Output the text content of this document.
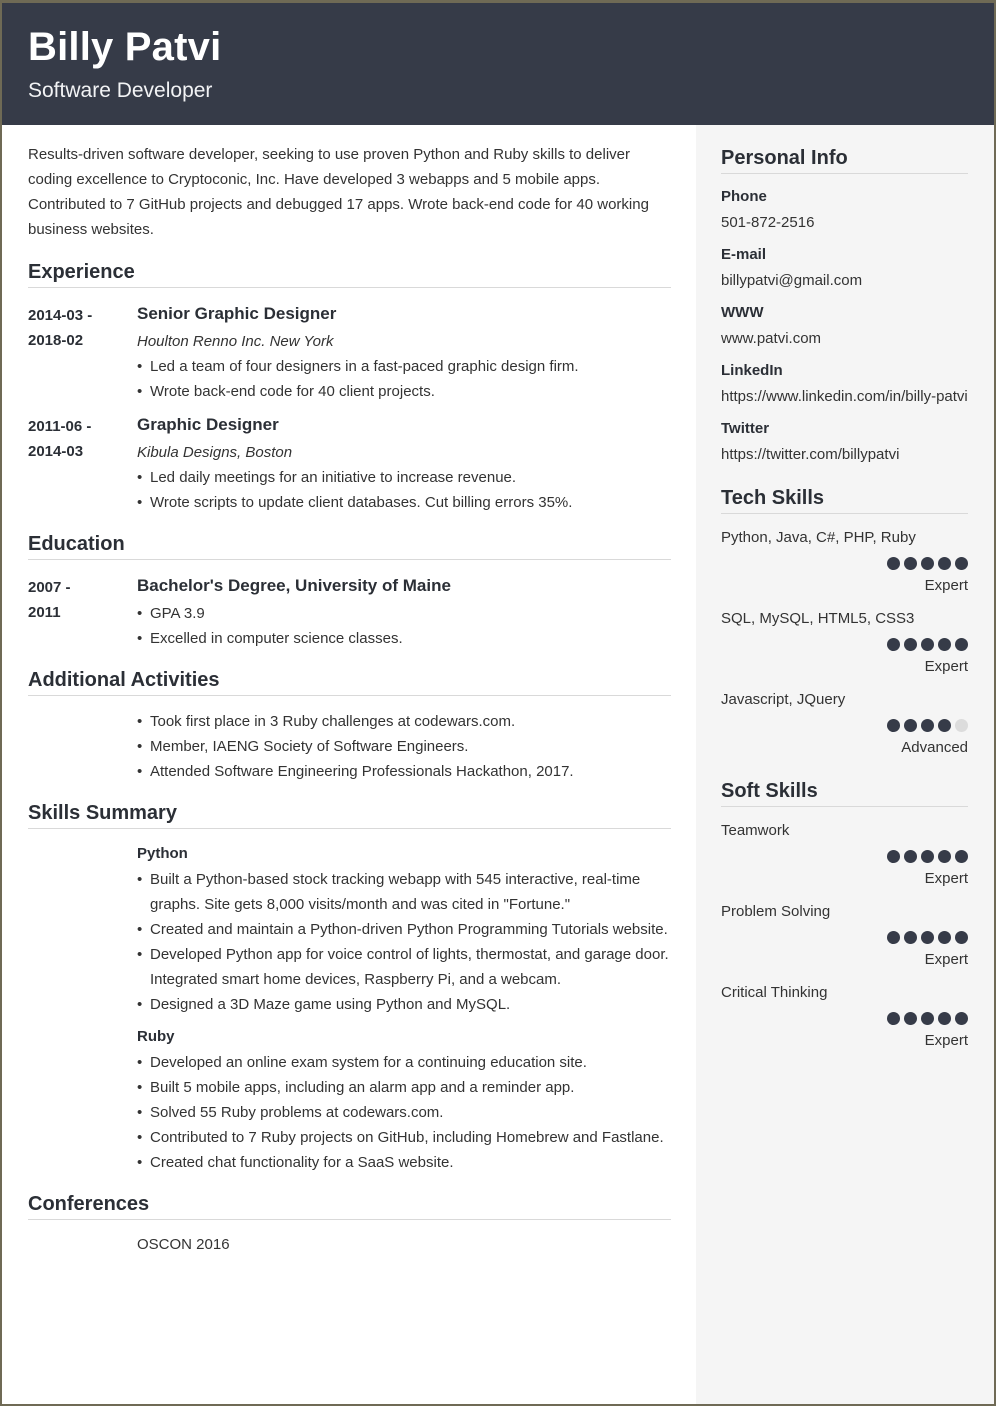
Billy Patvi
Software Developer

Results-driven software developer, seeking to use proven Python and Ruby skills to deliver coding excellence to Cryptoconic, Inc. Have developed 3 webapps and 5 mobile apps. Contributed to 7 GitHub projects and debugged 17 apps. Wrote back-end code for 40 working business websites.

Experience
2014-03 -
2018-02
Senior Graphic Designer
Houlton Renno Inc. New York
• Led a team of four designers in a fast-paced graphic design firm.
• Wrote back-end code for 40 client projects.
2011-06 -
2014-03
Graphic Designer
Kibula Designs, Boston
• Led daily meetings for an initiative to increase revenue.
• Wrote scripts to update client databases. Cut billing errors 35%.
Education
2007 -
2011
Bachelor's Degree, University of Maine
• GPA 3.9
• Excelled in computer science classes.
Additional Activities
• Took first place in 3 Ruby challenges at codewars.com.
• Member, IAENG Society of Software Engineers.
• Attended Software Engineering Professionals Hackathon, 2017.
Skills Summary
Python
• Built a Python-based stock tracking webapp with 545 interactive, real-time graphs. Site gets 8,000 visits/month and was cited in "Fortune."
• Created and maintain a Python-driven Python Programming Tutorials website.
• Developed Python app for voice control of lights, thermostat, and garage door. Integrated smart home devices, Raspberry Pi, and a webcam.
• Designed a 3D Maze game using Python and MySQL.
Ruby
• Developed an online exam system for a continuing education site.
• Built 5 mobile apps, including an alarm app and a reminder app.
• Solved 55 Ruby problems at codewars.com.
• Contributed to 7 Ruby projects on GitHub, including Homebrew and Fastlane.
• Created chat functionality for a SaaS website.
Conferences
OSCON 2016
Personal Info
Phone
501-872-2516
E-mail
billypatvi@gmail.com
WWW
www.patvi.com
LinkedIn
https://www.linkedin.com/in/billy-patvi
Twitter
https://twitter.com/billypatvi
Tech Skills
Python, Java, C#, PHP, Ruby
Expert
SQL, MySQL, HTML5, CSS3
Expert
Javascript, JQuery
Advanced
Soft Skills
Teamwork
Expert
Problem Solving
Expert
Critical Thinking
Expert
